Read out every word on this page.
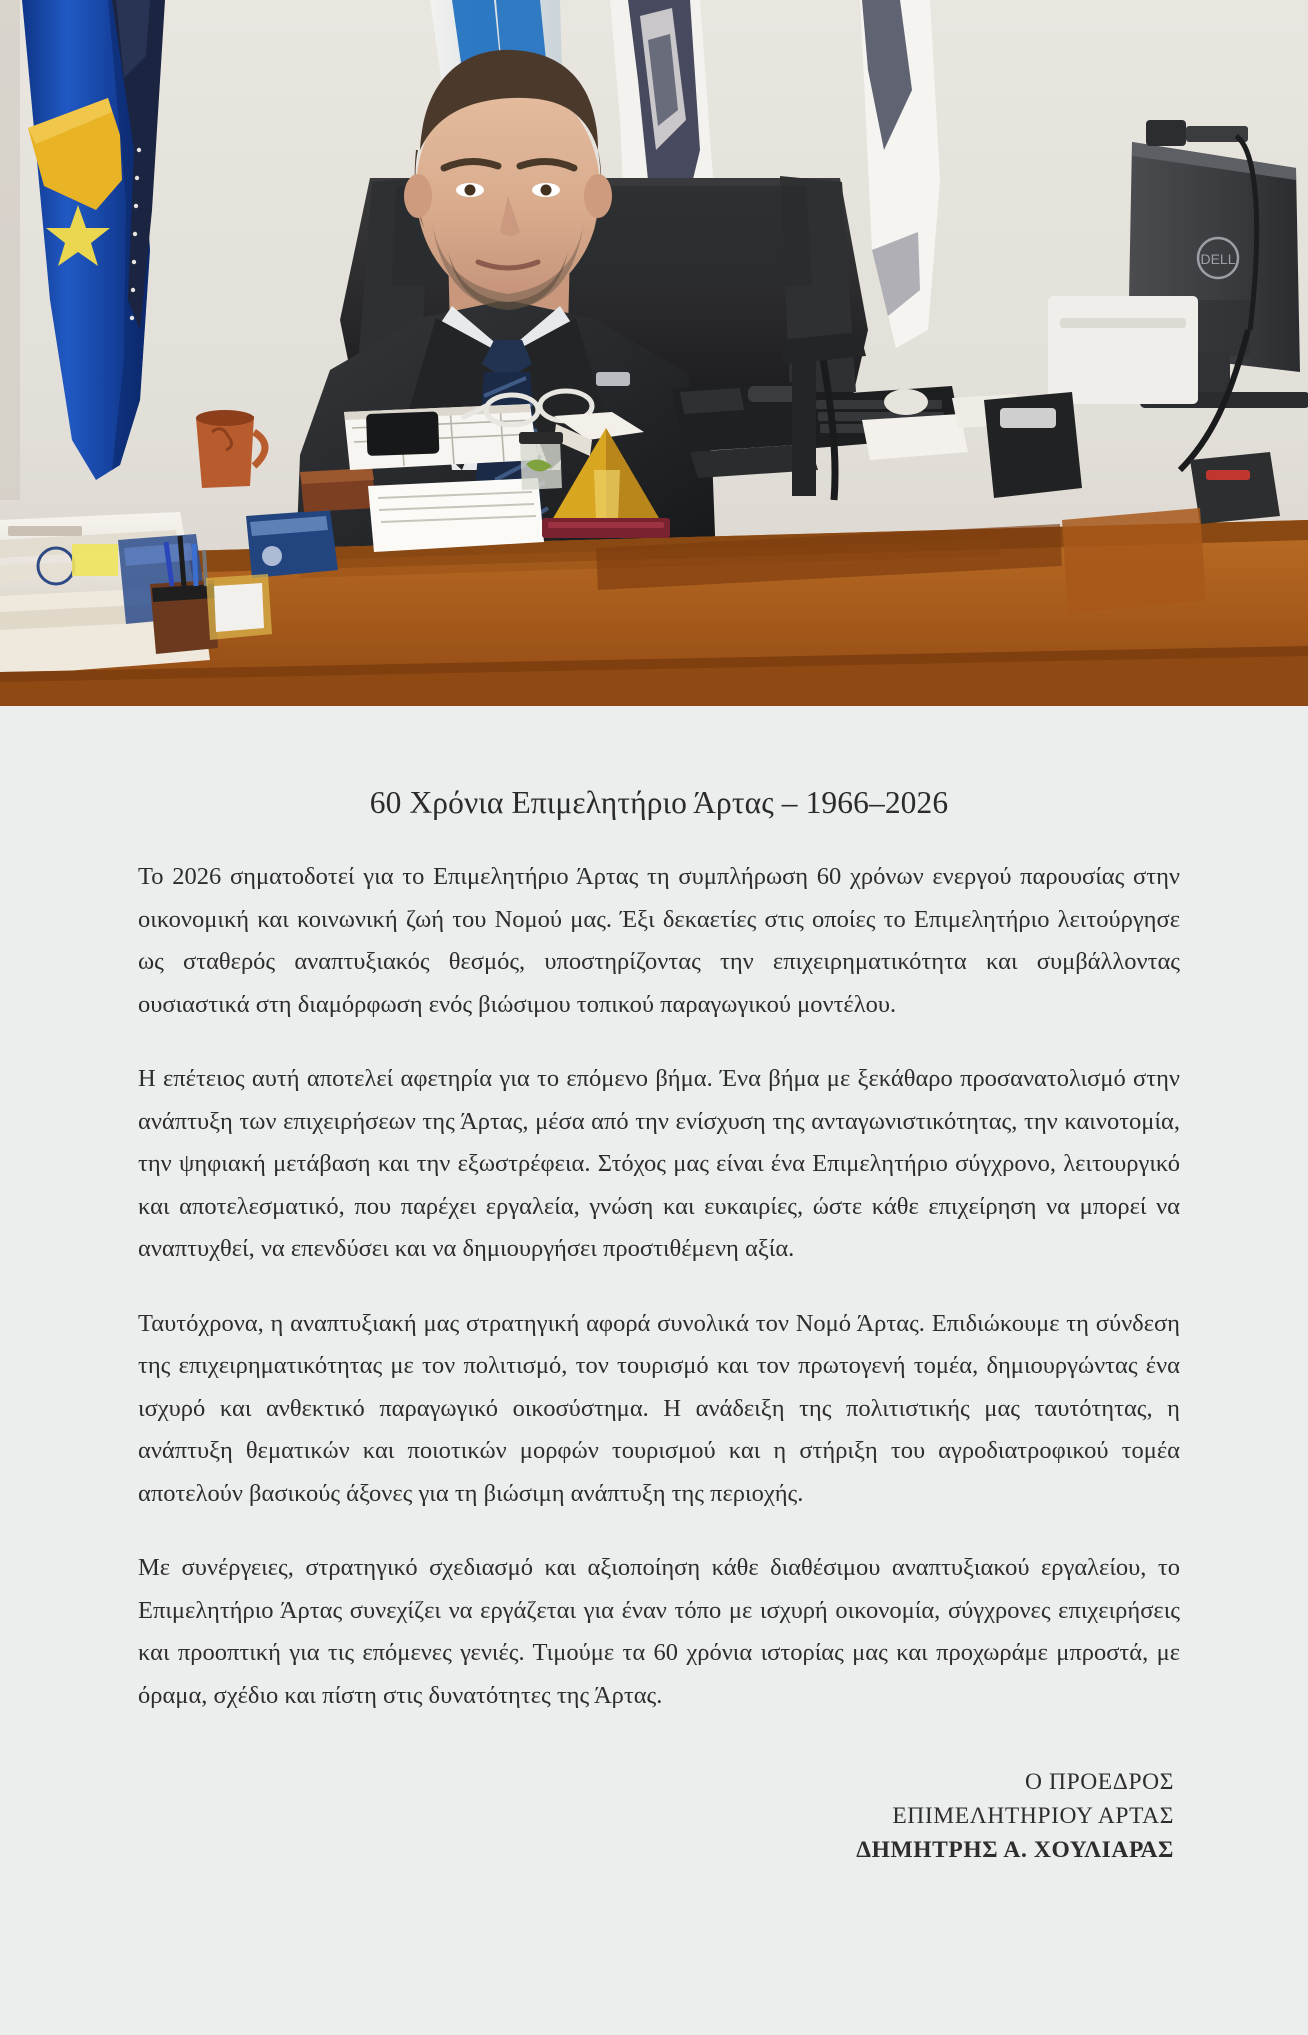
DELL
60 Χρόνια Επιμελητήριο Άρτας – 1966–2026

Το 2026 σηματοδοτεί για το Επιμελητήριο Άρτας τη συμπλήρωση 60 χρόνων ενεργού παρουσίας στην οικονομική και κοινωνική ζωή του Νομού μας. Έξι δεκαετίες στις οποίες το Επιμελητήριο λειτούργησε ως σταθερός αναπτυξιακός θεσμός, υποστηρίζοντας την επιχειρηματικότητα και συμβάλλοντας ουσιαστικά στη διαμόρφωση ενός βιώσιμου τοπικού παραγωγικού μοντέλου.

Η επέτειος αυτή αποτελεί αφετηρία για το επόμενο βήμα. Ένα βήμα με ξεκάθαρο προσανατολισμό στην ανάπτυξη των επιχειρήσεων της Άρτας, μέσα από την ενίσχυση της ανταγωνιστικότητας, την καινοτομία, την ψηφιακή μετάβαση και την εξωστρέφεια. Στόχος μας είναι ένα Επιμελητήριο σύγχρονο, λειτουργικό και αποτελεσματικό, που παρέχει εργαλεία, γνώση και ευκαιρίες, ώστε κάθε επιχείρηση να μπορεί να αναπτυχθεί, να επενδύσει και να δημιουργήσει προστιθέμενη αξία.

Ταυτόχρονα, η αναπτυξιακή μας στρατηγική αφορά συνολικά τον Νομό Άρτας. Επιδιώκουμε τη σύνδεση της επιχειρηματικότητας με τον πολιτισμό, τον τουρισμό και τον πρωτογενή τομέα, δημιουργώντας ένα ισχυρό και ανθεκτικό παραγωγικό οικοσύστημα. Η ανάδειξη της πολιτιστικής μας ταυτότητας, η ανάπτυξη θεματικών και ποιοτικών μορφών τουρισμού και η στήριξη του αγροδιατροφικού τομέα αποτελούν βασικούς άξονες για τη βιώσιμη ανάπτυξη της περιοχής.

Με συνέργειες, στρατηγικό σχεδιασμό και αξιοποίηση κάθε διαθέσιμου αναπτυξιακού εργαλείου, το Επιμελητήριο Άρτας συνεχίζει να εργάζεται για έναν τόπο με ισχυρή οικονομία, σύγχρονες επιχειρήσεις και προοπτική για τις επόμενες γενιές. Τιμούμε τα 60 χρόνια ιστορίας μας και προχωράμε μπροστά, με όραμα, σχέδιο και πίστη στις δυνατότητες της Άρτας.

Ο ΠΡΟΕΔΡΟΣ
ΕΠΙΜΕΛΗΤΗΡΙΟΥ ΑΡΤΑΣ
ΔΗΜΗΤΡΗΣ Α. ΧΟΥΛΙΑΡΑΣ
